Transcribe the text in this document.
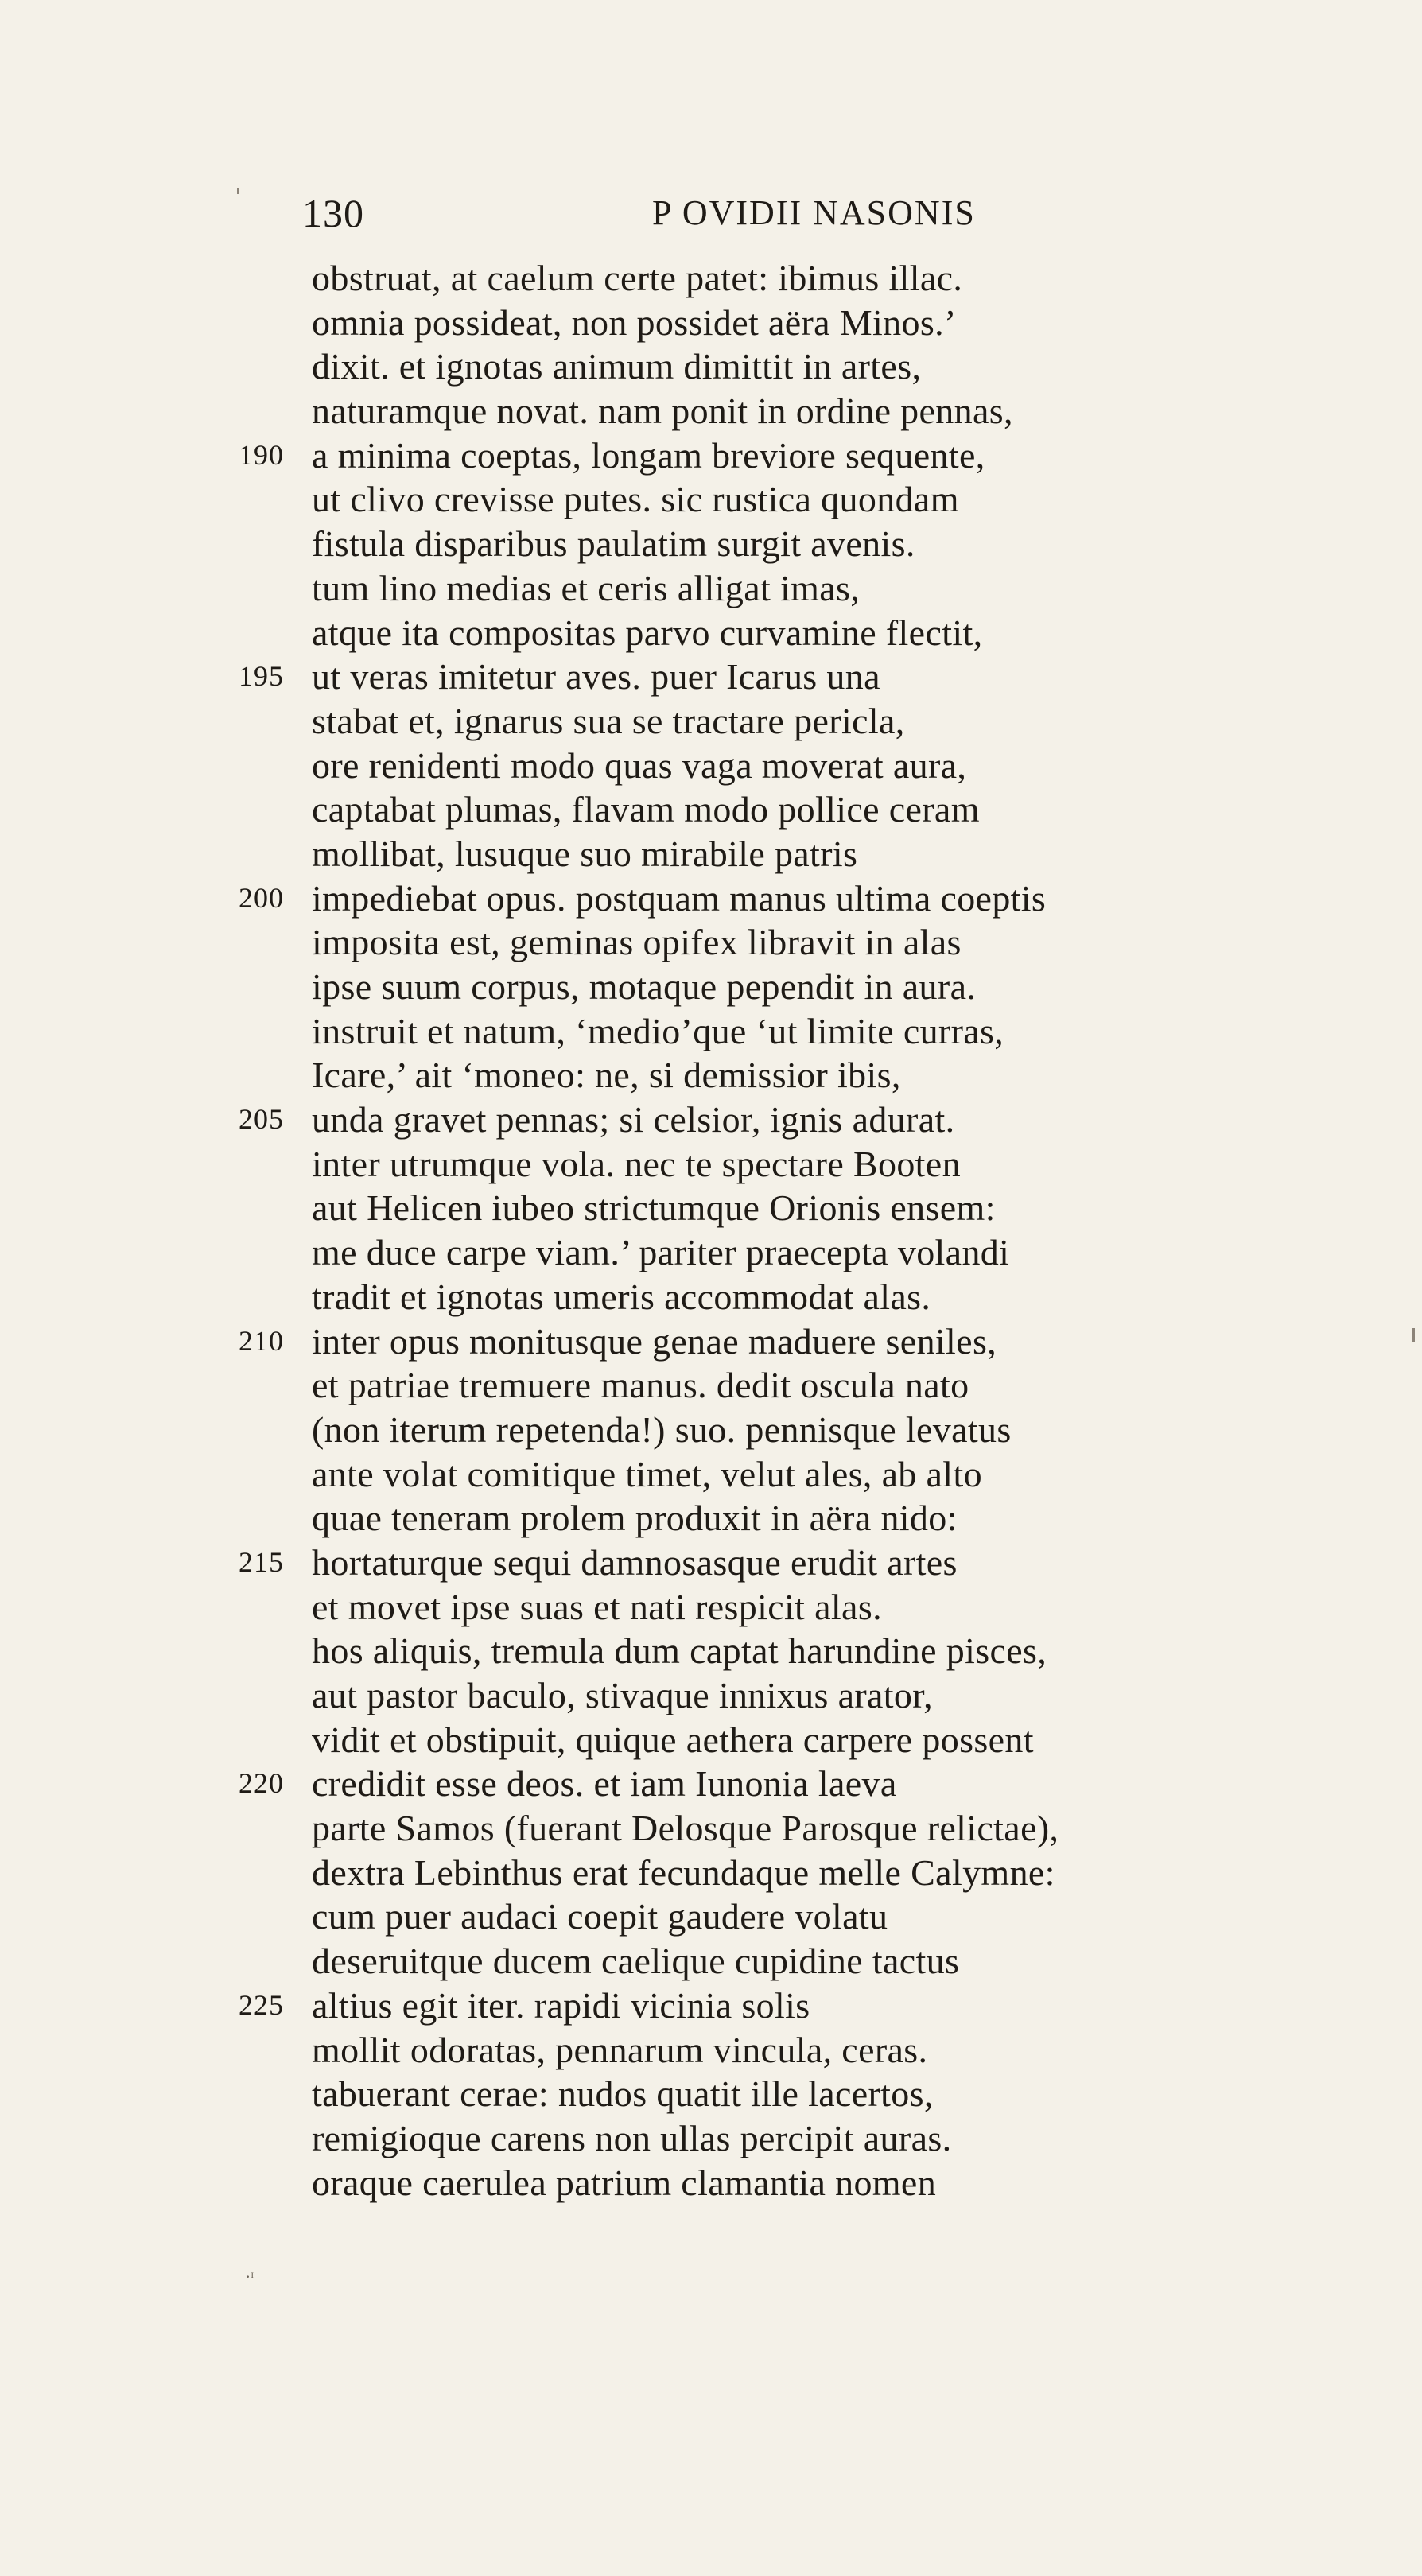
130	P OVIDII NASONIS
obstruat, at caelum certe patet: ibimus illac.
omnia possideat, non possidet aëra Minos.’
dixit. et ignotas animum dimittit in artes,
naturamque novat. nam ponit in ordine pennas,
190 a minima coeptas, longam breviore sequente,
ut clivo crevisse putes. sic rustica quondam
fistula disparibus paulatim surgit avenis.
tum lino medias et ceris alligat imas,
atque ita compositas parvo curvamine flectit,
195 ut veras imitetur aves. puer Icarus una
stabat et, ignarus sua se tractare pericla,
ore renidenti modo quas vaga moverat aura,
captabat plumas, flavam modo pollice ceram
mollibat, lusuque suo mirabile patris
200 impediebat opus. postquam manus ultima coeptis
imposita est, geminas opifex libravit in alas
ipse suum corpus, motaque pependit in aura.
instruit et natum, ‘medio’que ‘ut limite curras,
Icare,’ ait ‘moneo: ne, si demissior ibis,
205 unda gravet pennas; si celsior, ignis adurat.
inter utrumque vola. nec te spectare Booten
aut Helicen iubeo strictumque Orionis ensem:
me duce carpe viam.’ pariter praecepta volandi
tradit et ignotas umeris accommodat alas.
210 inter opus monitusque genae maduere seniles,
et patriae tremuere manus. dedit oscula nato
(non iterum repetenda!) suo. pennisque levatus
ante volat comitique timet, velut ales, ab alto
quae teneram prolem produxit in aëra nido:
215 hortaturque sequi damnosasque erudit artes
et movet ipse suas et nati respicit alas.
hos aliquis, tremula dum captat harundine pisces,
aut pastor baculo, stivaque innixus arator,
vidit et obstipuit, quique aethera carpere possent
220 credidit esse deos. et iam Iunonia laeva
parte Samos (fuerant Delosque Parosque relictae),
dextra Lebinthus erat fecundaque melle Calymne:
cum puer audaci coepit gaudere volatu
deseruitque ducem caelique cupidine tactus
225 altius egit iter. rapidi vicinia solis
mollit odoratas, pennarum vincula, ceras.
tabuerant cerae: nudos quatit ille lacertos,
remigioque carens non ullas percipit auras.
oraque caerulea patrium clamantia nomen
·ᶦ
